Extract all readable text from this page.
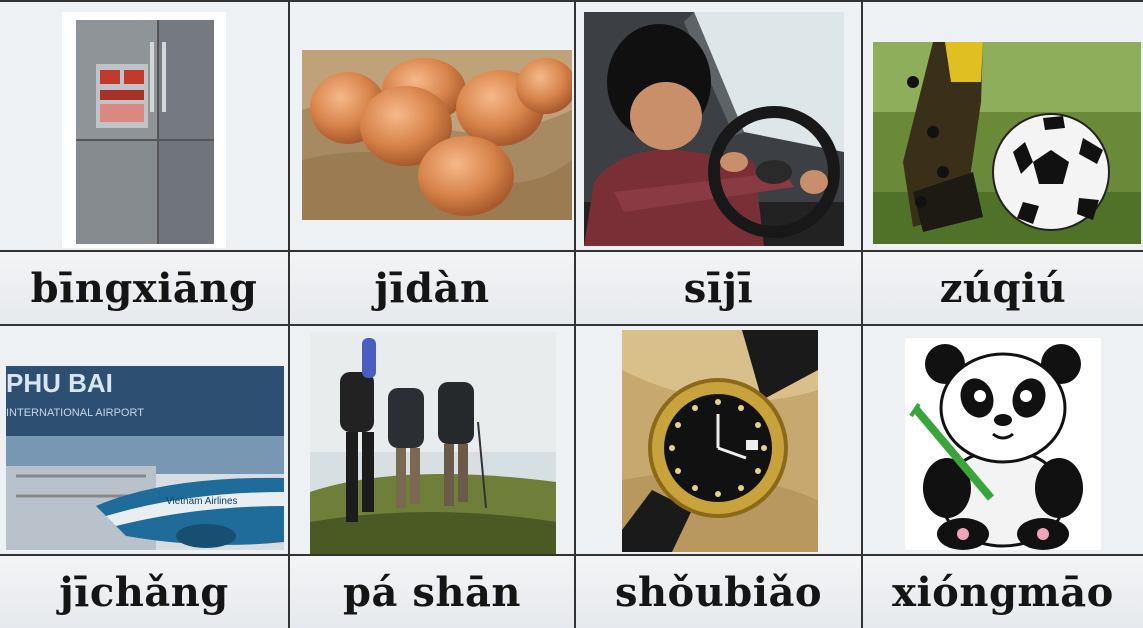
bīngxiāng	jīdàn	sījī	zúqiú
PHU BAI
INTERNATIONAL AIRPORT
Vietnam Airlines
jīchǎng	pá shān	shǒubiǎo	xióngmāo
